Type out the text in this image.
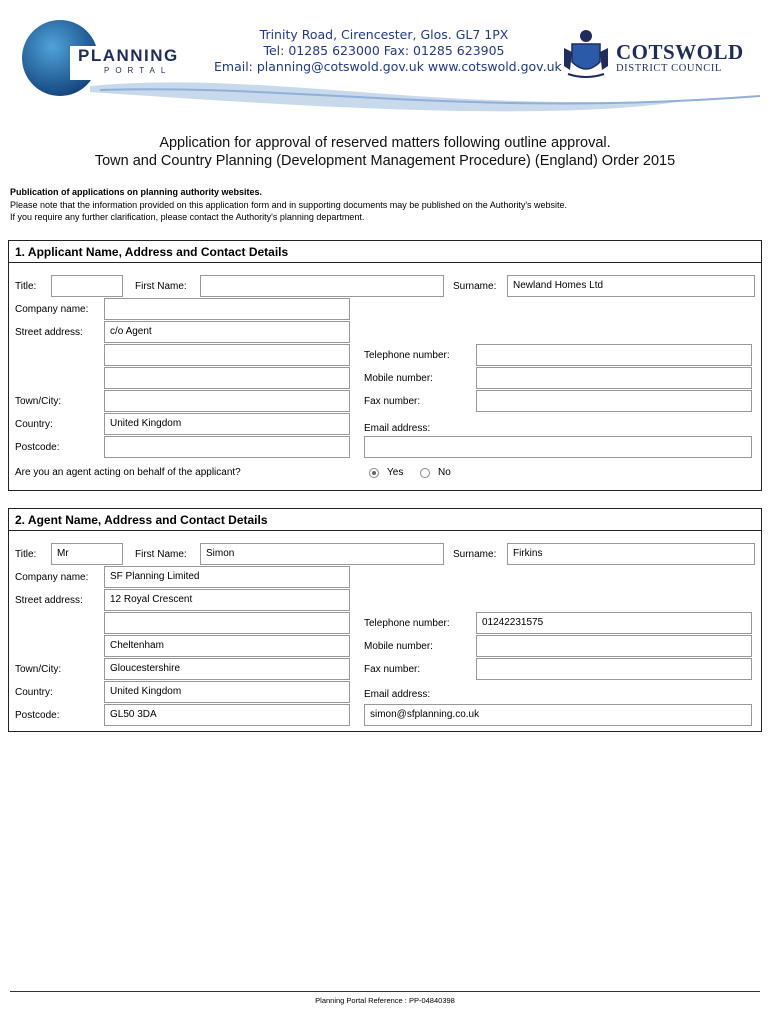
PLANNING
PORTAL
Trinity Road, Cirencester, Glos. GL7 1PX
Tel: 01285 623000 Fax: 01285 623905
Email: planning@cotswold.gov.uk www.cotswold.gov.uk
COTSWOLD
DISTRICT COUNCIL
Application for approval of reserved matters following outline approval.
Town and Country Planning (Development Management Procedure) (England) Order 2015
Publication of applications on planning authority websites.
Please note that the information provided on this application form and in supporting documents may be published on the Authority's website.
If you require any further clarification, please contact the Authority's planning department.
1. Applicant Name, Address and Contact Details
Title:	First Name:	Surname:	Newland Homes Ltd
Company name:
Street address:	c/o Agent
Telephone number:
Mobile number:
Town/City:	Fax number:
Country:	United Kingdom	Email address:
Postcode:
Are you an agent acting on behalf of the applicant?	Yes	No
2. Agent Name, Address and Contact Details
Title:	Mr	First Name:	Simon	Surname:	Firkins
Company name:	SF Planning Limited
Street address:	12 Royal Crescent
Telephone number:	01242231575
Cheltenham	Mobile number:
Town/City:	Gloucestershire	Fax number:
Country:	United Kingdom	Email address:
Postcode:	GL50 3DA	simon@sfplanning.co.uk
Planning Portal Reference : PP-04840398
